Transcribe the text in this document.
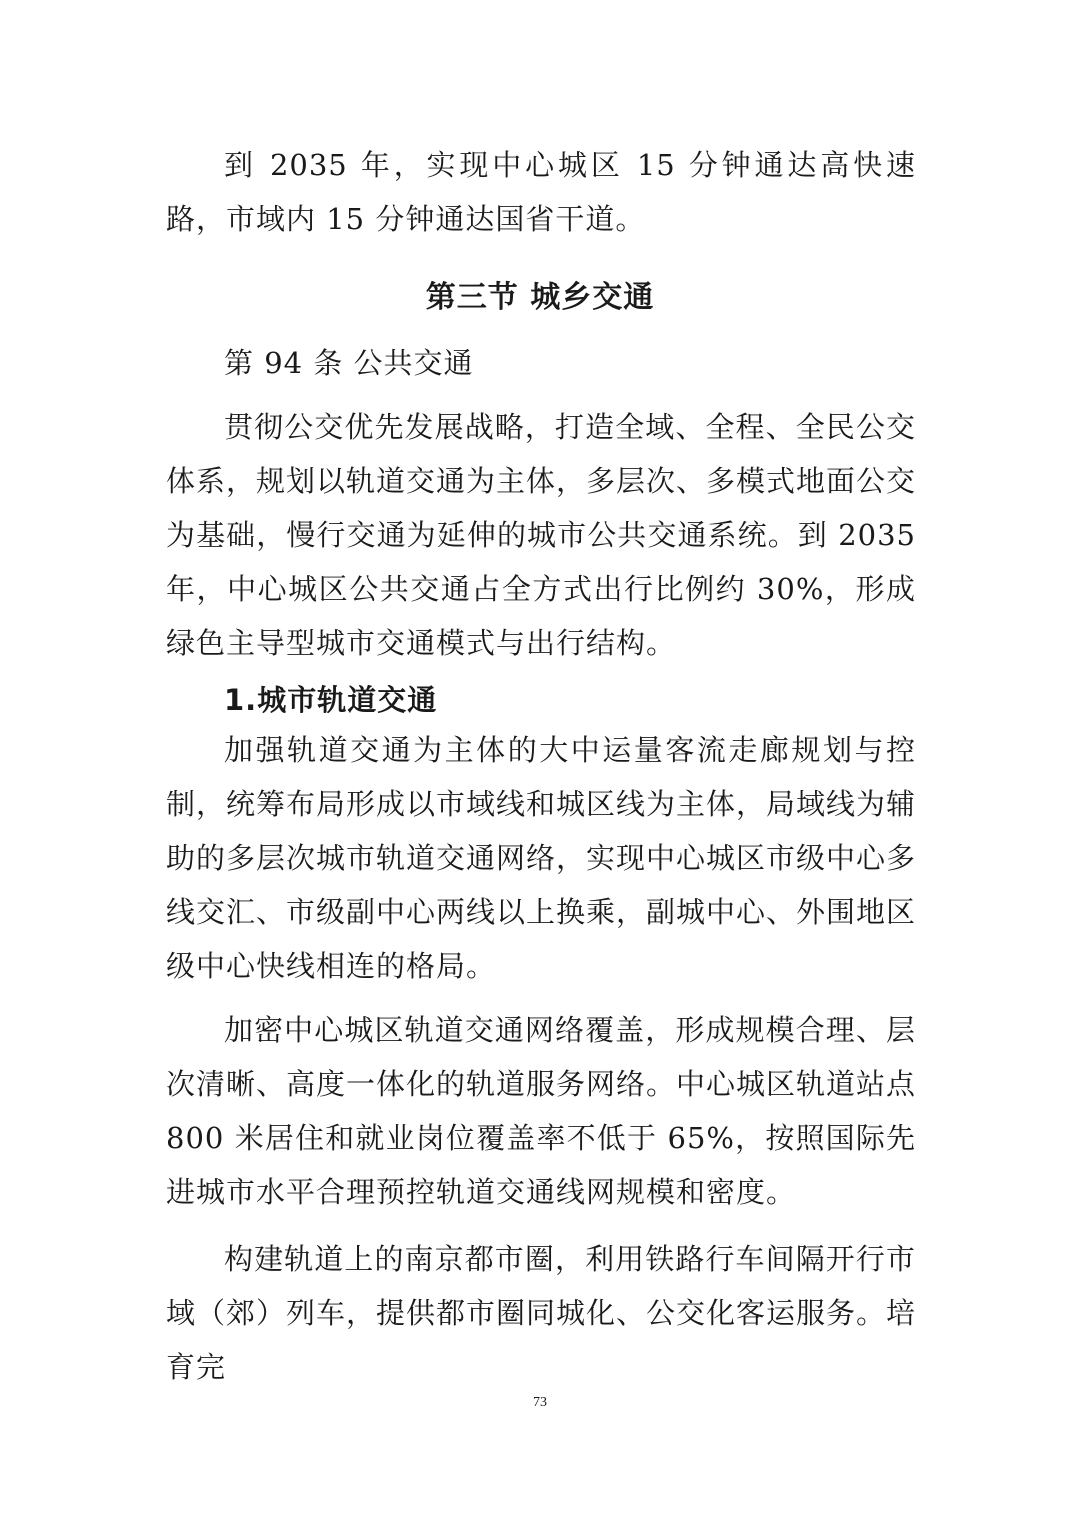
到 2035 年，实现中心城区 15 分钟通达高快速路，市域内 15 分钟通达国省干道。

第三节 城乡交通

第 94 条 公共交通

贯彻公交优先发展战略，打造全域、全程、全民公交体系，规划以轨道交通为主体，多层次、多模式地面公交为基础，慢行交通为延伸的城市公共交通系统。到 2035 年，中心城区公共交通占全方式出行比例约 30%，形成绿色主导型城市交通模式与出行结构。

1.城市轨道交通

加强轨道交通为主体的大中运量客流走廊规划与控制，统筹布局形成以市域线和城区线为主体，局域线为辅助的多层次城市轨道交通网络，实现中心城区市级中心多线交汇、市级副中心两线以上换乘，副城中心、外围地区级中心快线相连的格局。

加密中心城区轨道交通网络覆盖，形成规模合理、层次清晰、高度一体化的轨道服务网络。中心城区轨道站点 800 米居住和就业岗位覆盖率不低于 65%，按照国际先进城市水平合理预控轨道交通线网规模和密度。

构建轨道上的南京都市圈，利用铁路行车间隔开行市域（郊）列车，提供都市圈同城化、公交化客运服务。培育完

73
